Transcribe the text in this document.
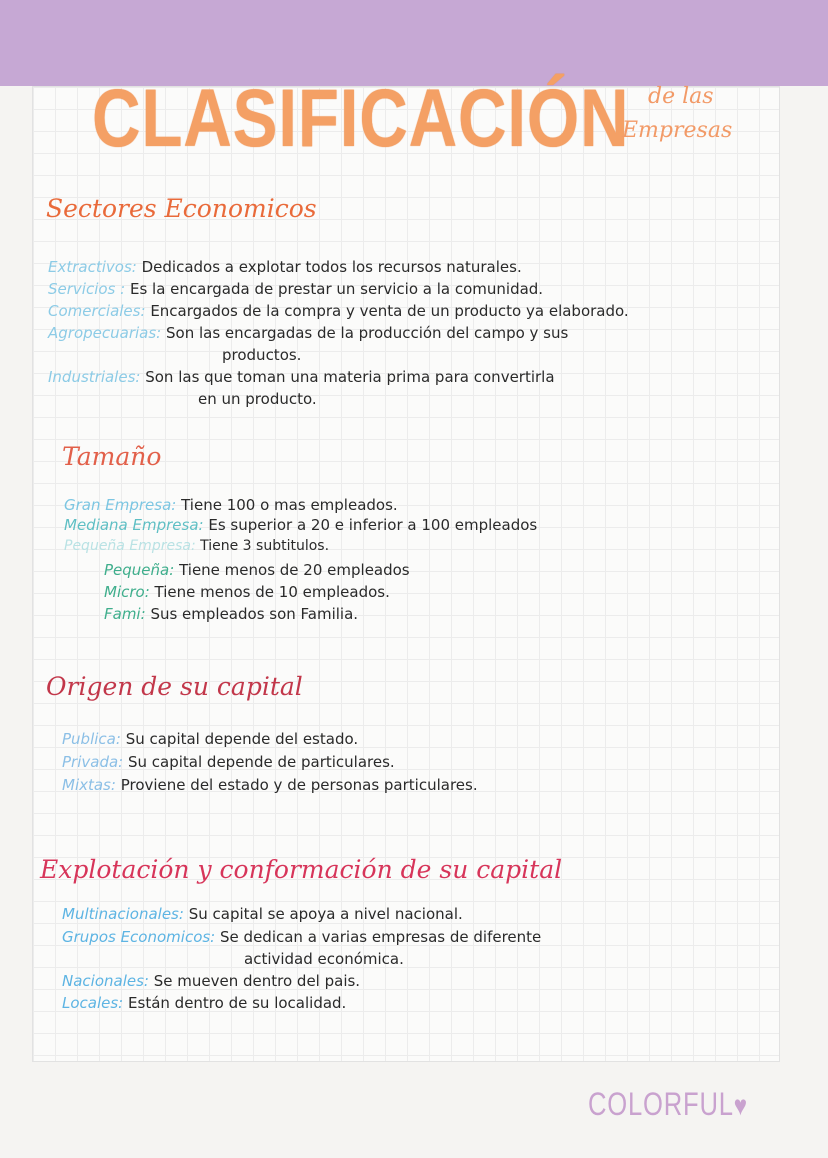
CLASIFICACIÓN de las
Empresas
Sectores Economicos
Extractivos: Dedicados a explotar todos los recursos naturales.
Servicios : Es la encargada de prestar un servicio a la comunidad.
Comerciales: Encargados de la compra y venta de un producto ya elaborado.
Agropecuarias: Son las encargadas de la producción del campo y sus
productos.
Industriales: Son las que toman una materia prima para convertirla
en un producto.
Tamaño
Gran Empresa: Tiene 100 o mas empleados.
Mediana Empresa: Es superior a 20 e inferior a 100 empleados
Pequeña Empresa: Tiene 3 subtitulos.
Pequeña: Tiene menos de 20 empleados
Micro: Tiene menos de 10 empleados.
Fami: Sus empleados son Familia.
Origen de su capital
Publica: Su capital depende del estado.
Privada: Su capital depende de particulares.
Mixtas: Proviene del estado y de personas particulares.
Explotación y conformación de su capital
Multinacionales: Su capital se apoya a nivel nacional.
Grupos Economicos: Se dedican a varias empresas de diferente
actividad económica.
Nacionales: Se mueven dentro del pais.
Locales: Están dentro de su localidad.
COLORFUL♥
